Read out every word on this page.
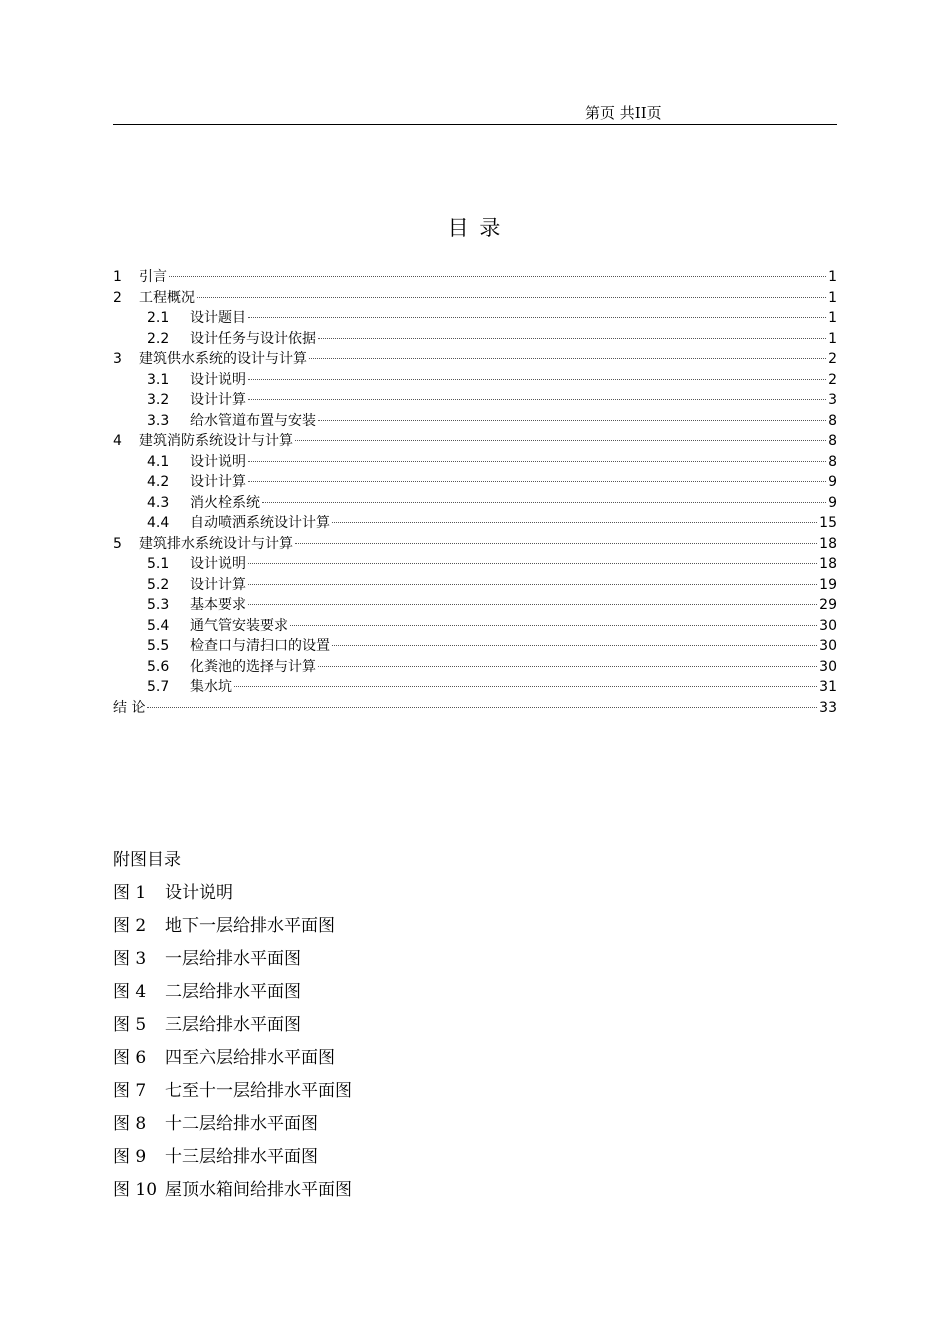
第页 共II页
目 录
1	引言	1
2	工程概况	1
2.1	设计题目	1
2.2	设计任务与设计依据	1
3	建筑供水系统的设计与计算	2
3.1	设计说明	2
3.2	设计计算	3
3.3	给水管道布置与安装	8
4	建筑消防系统设计与计算	8
4.1	设计说明	8
4.2	设计计算	9
4.3	消火栓系统	9
4.4	自动喷洒系统设计计算	15
5	建筑排水系统设计与计算	18
5.1	设计说明	18
5.2	设计计算	19
5.3	基本要求	29
5.4	通气管安装要求	30
5.5	检查口与清扫口的设置	30
5.6	化粪池的选择与计算	30
5.7	集水坑	31
结 论	33
附图目录
图 1 设计说明
图 2 地下一层给排水平面图
图 3 一层给排水平面图
图 4 二层给排水平面图
图 5 三层给排水平面图
图 6 四至六层给排水平面图
图 7 七至十一层给排水平面图
图 8 十二层给排水平面图
图 9 十三层给排水平面图
图 10 屋顶水箱间给排水平面图
